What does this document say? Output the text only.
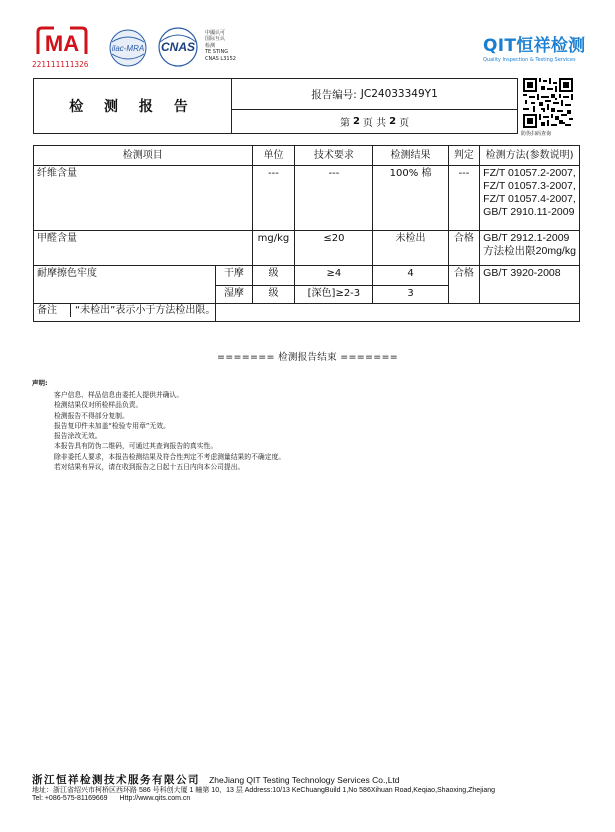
MA
221111111326
ilac-MRA CNAS
中國认可
国际互认
检测
TE STING
CNAS L3152
QIT恒祥检测
Quality Inspection & Testing Services
检 测 报 告
报告编号: JC24033349Y1
第 2 页 共 2 页
防伪扫码查询
检测项目		单位	技术要求	检测结果	判定	检测方法(参数说明)
纤维含量		---	---	100% 棉	---	FZ/T 01057.2-2007,
FZ/T 01057.3-2007,
FZ/T 01057.4-2007,
GB/T 2910.11-2009

甲醛含量		mg/kg	≤20	未检出	合格	GB/T 2912.1-2009
方法检出限20mg/kg

耐摩擦色牢度	干摩	级	≥4	4	合格	GB/T 3920-2008
	湿摩	级	[深色]≥2-3	3		

备注 “未检出”表示小于方法检出限。						

======= 检测报告结束 =======
声明:
客户信息、样品信息由委托人提供并确认。
检测结果仅对所检样品负责。
检测报告不得部分复制。
报告复印件未加盖“检验专用章”无效。
报告涂改无效。
本报告具有防伪二维码，可通过其查询报告的真实性。
除非委托人要求，本报告检测结果及符合性判定不考虑测量结果的不确定度。
若对结果有异议，请在收到报告之日起十五日内向本公司提出。
浙江恒祥检测技术服务有限公司 ZheJiang QIT Testing Technology Services Co.,Ltd
地址：浙江省绍兴市柯桥区西环路 586 号科创大厦 1 幢第 10、13 层 Address:10/13 KeChuangBuild 1,No 586Xihuan Road,Keqiao,Shaoxing,Zhejiang
Tel: +086-575-81169669 Http://www.qits.com.cn
